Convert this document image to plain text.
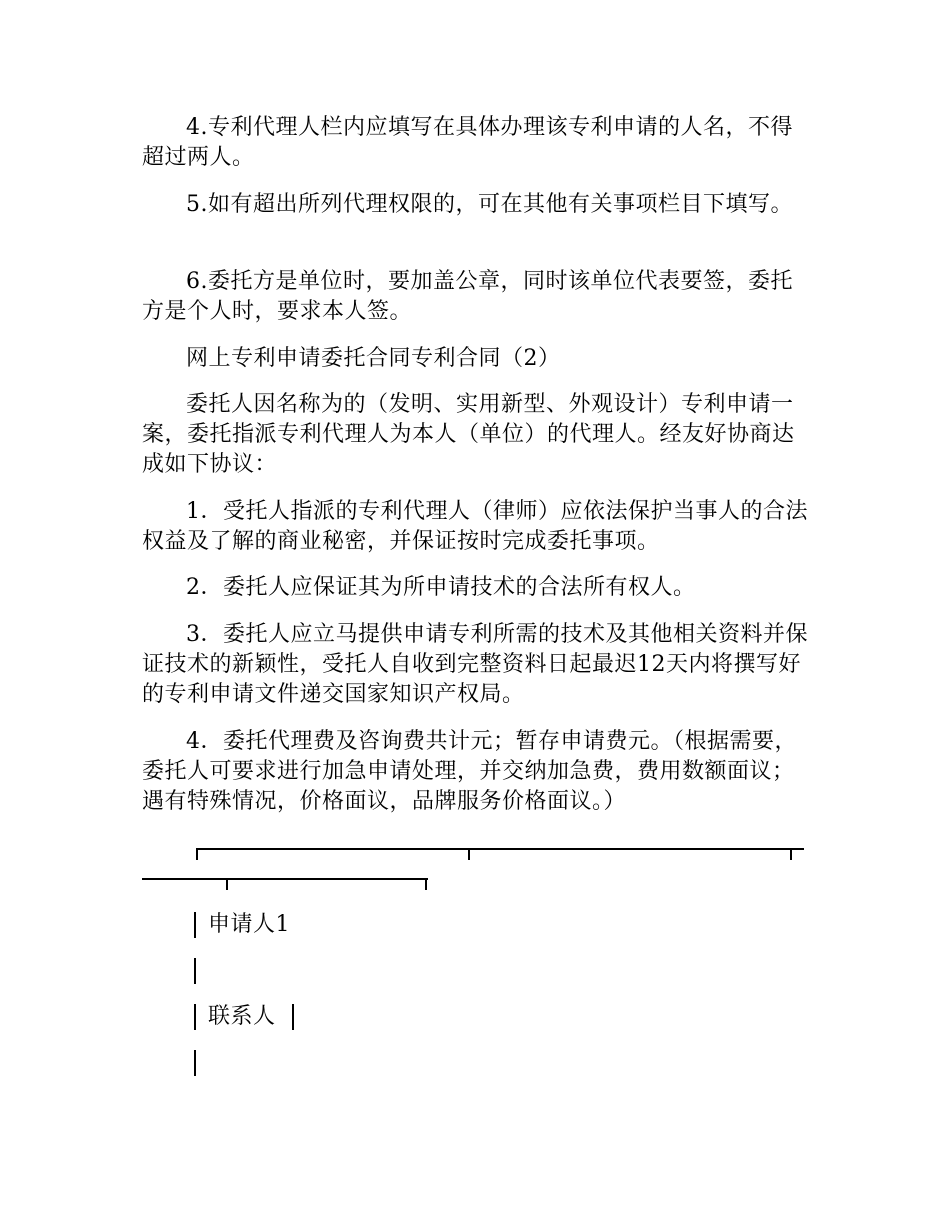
4.专利代理人栏内应填写在具体办理该专利申请的人名，不得超过两人。

5.如有超出所列代理权限的，可在其他有关事项栏目下填写。

6.委托方是单位时，要加盖公章，同时该单位代表要签，委托方是个人时，要求本人签。

网上专利申请委托合同专利合同（2）

委托人因名称为的（发明、实用新型、外观设计）专利申请一案，委托指派专利代理人为本人（单位）的代理人。经友好协商达成如下协议：

1．受托人指派的专利代理人（律师）应依法保护当事人的合法权益及了解的商业秘密，并保证按时完成委托事项。

2．委托人应保证其为所申请技术的合法所有权人。

3．委托人应立马提供申请专利所需的技术及其他相关资料并保证技术的新颖性，受托人自收到完整资料日起最迟12天内将撰写好的专利申请文件递交国家知识产权局。

4．委托代理费及咨询费共计元；暂存申请费元。（根据需要，委托人可要求进行加急申请处理，并交纳加急费，费用数额面议；遇有特殊情况，价格面议，品牌服务价格面议。）

申请人1
联系人
